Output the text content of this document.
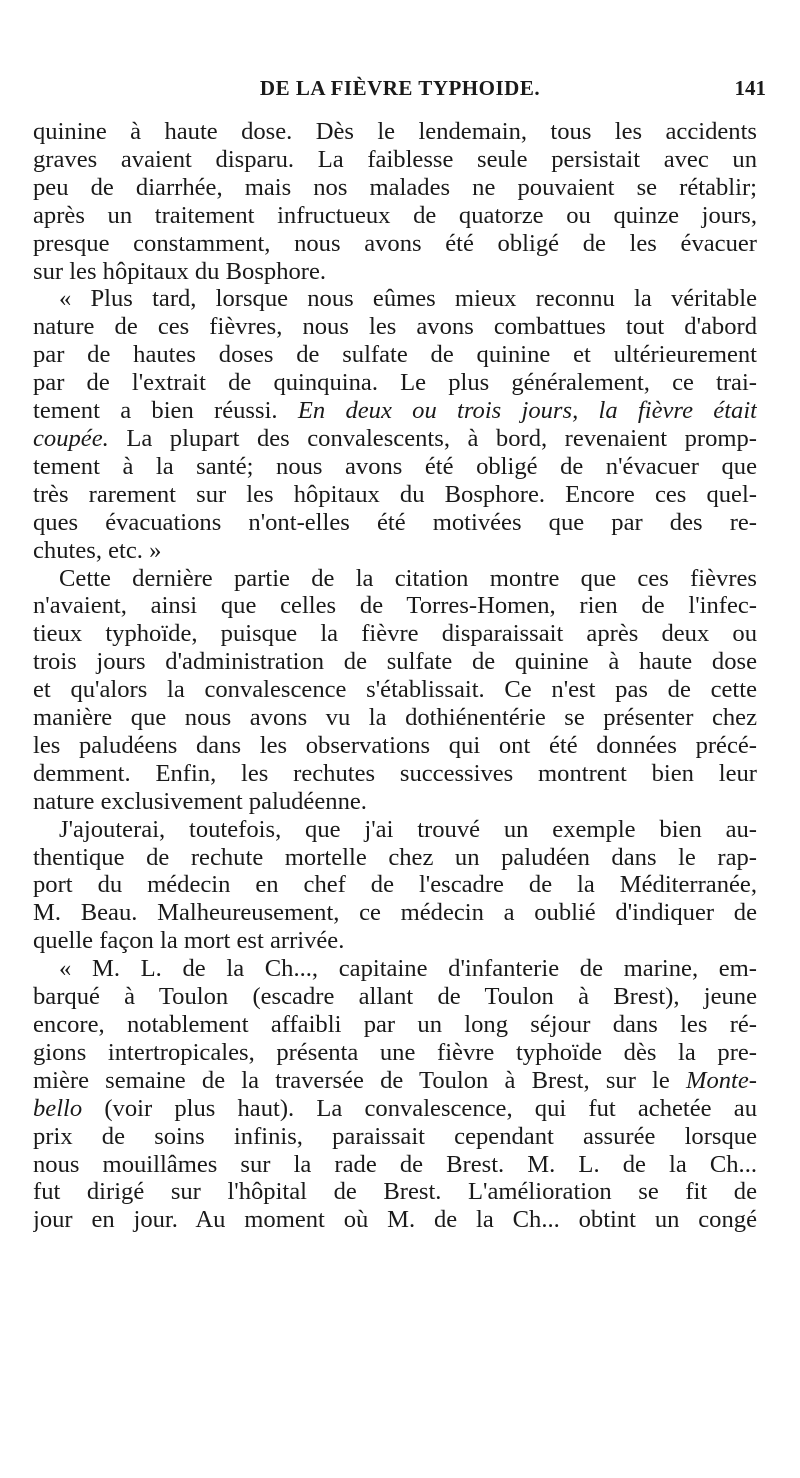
DE LA FIÈVRE TYPHOIDE.	141
quinine à haute dose. Dès le lendemain, tous les accidents
graves avaient disparu. La faiblesse seule persistait avec un
peu de diarrhée, mais nos malades ne pouvaient se rétablir;
après un traitement infructueux de quatorze ou quinze jours,
presque constamment, nous avons été obligé de les évacuer
sur les hôpitaux du Bosphore.
« Plus tard, lorsque nous eûmes mieux reconnu la véritable
nature de ces fièvres, nous les avons combattues tout d'abord
par de hautes doses de sulfate de quinine et ultérieurement
par de l'extrait de quinquina. Le plus généralement, ce trai-
tement a bien réussi. En deux ou trois jours, la fièvre était
coupée. La plupart des convalescents, à bord, revenaient promp-
tement à la santé; nous avons été obligé de n'évacuer que
très rarement sur les hôpitaux du Bosphore. Encore ces quel-
ques évacuations n'ont-elles été motivées que par des re-
chutes, etc. »
Cette dernière partie de la citation montre que ces fièvres
n'avaient, ainsi que celles de Torres-Homen, rien de l'infec-
tieux typhoïde, puisque la fièvre disparaissait après deux ou
trois jours d'administration de sulfate de quinine à haute dose
et qu'alors la convalescence s'établissait. Ce n'est pas de cette
manière que nous avons vu la dothiénentérie se présenter chez
les paludéens dans les observations qui ont été données précé-
demment. Enfin, les rechutes successives montrent bien leur
nature exclusivement paludéenne.
J'ajouterai, toutefois, que j'ai trouvé un exemple bien au-
thentique de rechute mortelle chez un paludéen dans le rap-
port du médecin en chef de l'escadre de la Méditerranée,
M. Beau. Malheureusement, ce médecin a oublié d'indiquer de
quelle façon la mort est arrivée.
« M. L. de la Ch..., capitaine d'infanterie de marine, em-
barqué à Toulon (escadre allant de Toulon à Brest), jeune
encore, notablement affaibli par un long séjour dans les ré-
gions intertropicales, présenta une fièvre typhoïde dès la pre-
mière semaine de la traversée de Toulon à Brest, sur le Monte-
bello (voir plus haut). La convalescence, qui fut achetée au
prix de soins infinis, paraissait cependant assurée lorsque
nous mouillâmes sur la rade de Brest. M. L. de la Ch...
fut dirigé sur l'hôpital de Brest. L'amélioration se fit de
jour en jour. Au moment où M. de la Ch... obtint un congé
